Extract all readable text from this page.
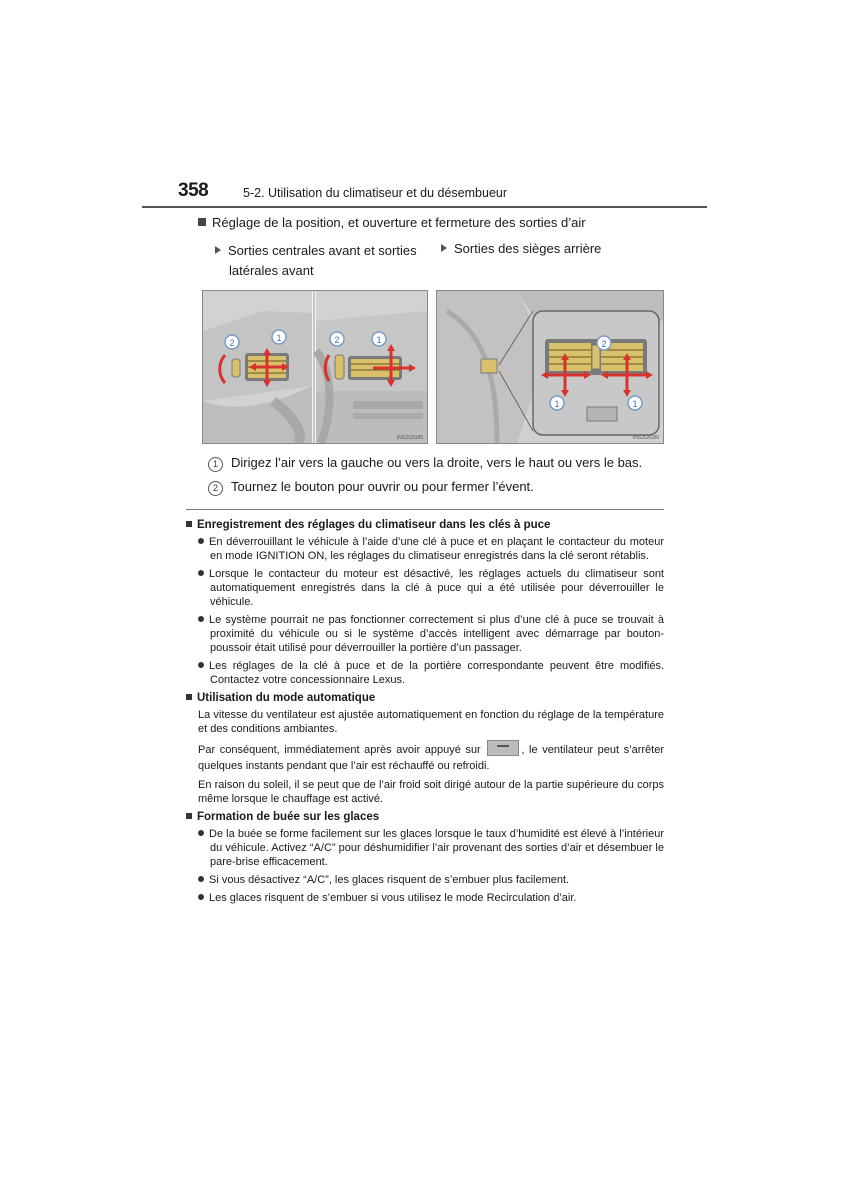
358	5-2. Utilisation du climatiseur et du désembueur
Réglage de la position, et ouverture et fermeture des sorties d’air
Sorties centrales avant et sorties
latérales avant
Sorties des sièges arrière
2	1	2	1
INS2G5186
2
1	1
INS2G5186
1 Dirigez l’air vers la gauche ou vers la droite, vers le haut ou vers le bas.
2 Tournez le bouton pour ouvrir ou pour fermer l’évent.
Enregistrement des réglages du climatiseur dans les clés à puce
En déverrouillant le véhicule à l’aide d’une clé à puce et en plaçant le contacteur du moteur en mode IGNITION ON, les réglages du climatiseur enregistrés dans la clé seront rétablis.
Lorsque le contacteur du moteur est désactivé, les réglages actuels du climatiseur sont automatiquement enregistrés dans la clé à puce qui a été utilisée pour déverrouiller le véhicule.
Le système pourrait ne pas fonctionner correctement si plus d’une clé à puce se trouvait à proximité du véhicule ou si le système d’accès intelligent avec démarrage par bouton-poussoir était utilisé pour déverrouiller la portière d’un passager.
Les réglages de la clé à puce et de la portière correspondante peuvent être modifiés. Contactez votre concessionnaire Lexus.
Utilisation du mode automatique
La vitesse du ventilateur est ajustée automatiquement en fonction du réglage de la température et des conditions ambiantes.
Par conséquent, immédiatement après avoir appuyé sur	, le ventilateur peut s’arrêter quelques instants pendant que l’air est réchauffé ou refroidi.
En raison du soleil, il se peut que de l’air froid soit dirigé autour de la partie supérieure du corps même lorsque le chauffage est activé.
Formation de buée sur les glaces
De la buée se forme facilement sur les glaces lorsque le taux d’humidité est élevé à l’intérieur du véhicule. Activez “A/C” pour déshumidifier l’air provenant des sorties d’air et désembuer le pare-brise efficacement.
Si vous désactivez “A/C”, les glaces risquent de s’embuer plus facilement.
Les glaces risquent de s’embuer si vous utilisez le mode Recirculation d’air.
